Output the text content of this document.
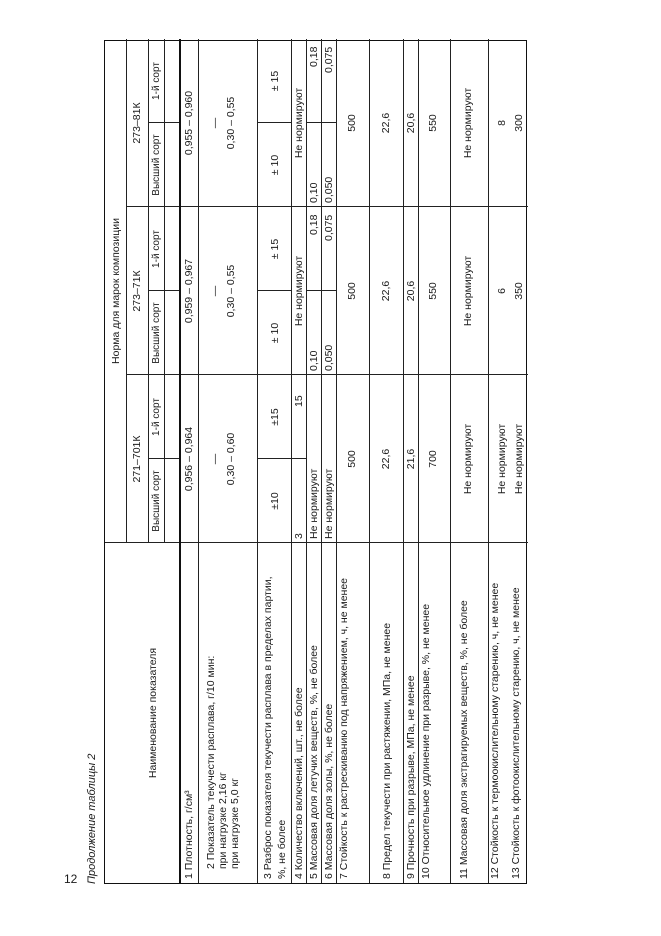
12 Продолжение таблицы 2
Наименование показателя
Норма для марок композиции
271–701К
273–71К
273–81К
Высший сорт
1-й сорт
Высший сорт
1-й сорт
Высший сорт
1-й сорт
1 Плотность, г/см³ 2 Показатель текучести расплава, г/10 мин: при нагрузке 2,16 кг при нагрузке 5,0 кг 3 Разброс показателя текучести расплава в пределах партии, %, не более 4 Количество включений, шт., не более 5 Массовая доля летучих веществ, %, не более 6 Массовая доля золы, %, не более 7 Стойкость к растрескиванию под напряжением, ч, не менее	8 Предел текучести при растяжении, МПа, не менее 9 Прочность при разрыве, МПа, не менее 10 Относительное удлинение при разрыве, %, не менее 11 Массовая доля экстрагируемых веществ, %, не более 12 Стойкость к термоокислительному старению, ч, не менее 13 Стойкость к фотоокислительному старению, ч, не менее
0,956 – 0,964
0,959 – 0,967
0,955 – 0,960
— 0,30 – 0,60
— 0,30 – 0,55
— 0,30 – 0,55
±10
±15
± 10
± 15
± 10
± 15
3
15
Не нормируют
Не нормируют
Не нормируют
0,10
0,18
0,10
0,18
Не нормируют
0,050
0,075
0,050
0,075
500
500
500
22,6
22,6
22,6
21,6
20,6
20,6
700
550
550
Не нормируют
Не нормируют
Не нормируют
Не нормируют
6
8
Не нормируют
350
300
